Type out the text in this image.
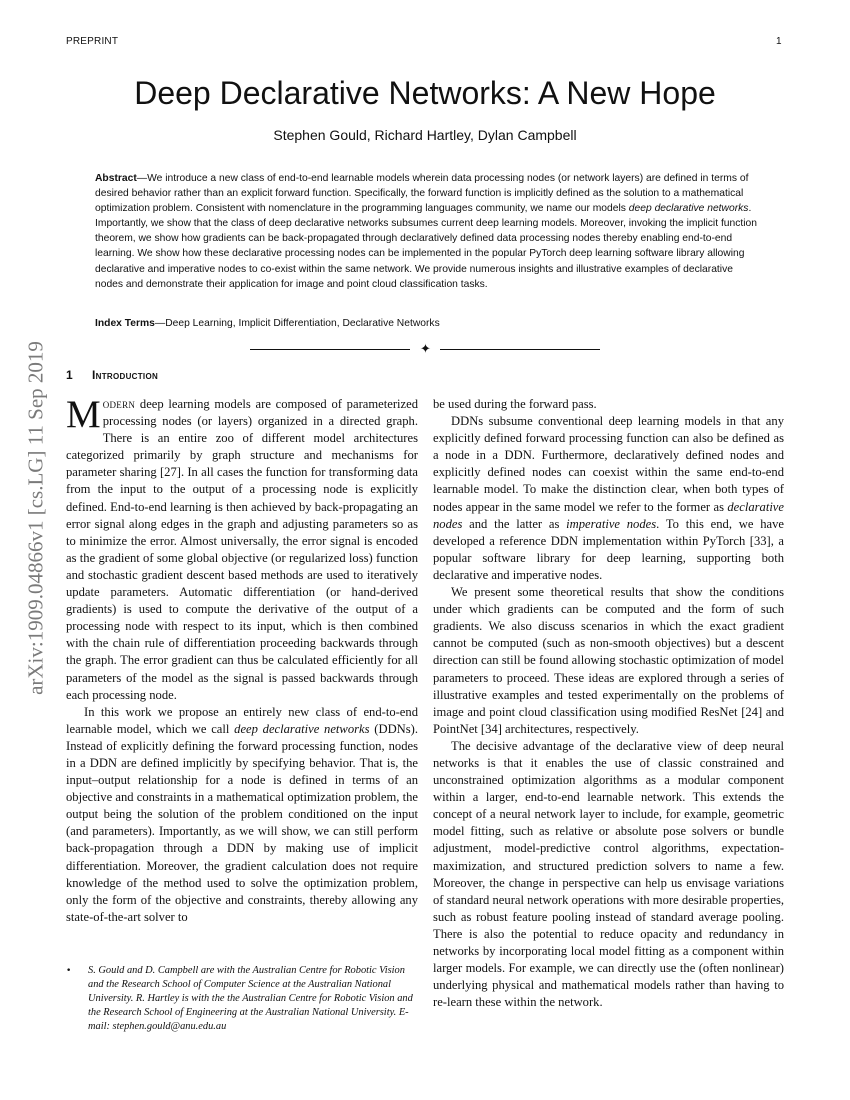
PREPRINT	1
arXiv:1909.04866v1 [cs.LG] 11 Sep 2019
Deep Declarative Networks: A New Hope
Stephen Gould, Richard Hartley, Dylan Campbell
Abstract—We introduce a new class of end-to-end learnable models wherein data processing nodes (or network layers) are defined in terms of desired behavior rather than an explicit forward function. Specifically, the forward function is implicitly defined as the solution to a mathematical optimization problem. Consistent with nomenclature in the programming languages community, we name our models deep declarative networks. Importantly, we show that the class of deep declarative networks subsumes current deep learning models. Moreover, invoking the implicit function theorem, we show how gradients can be back-propagated through declaratively defined data processing nodes thereby enabling end-to-end learning. We show how these declarative processing nodes can be implemented in the popular PyTorch deep learning software library allowing declarative and imperative nodes to co-exist within the same network. We provide numerous insights and illustrative examples of declarative nodes and demonstrate their application for image and point cloud classification tasks.
Index Terms—Deep Learning, Implicit Differentiation, Declarative Networks
✦
1 Introduction

Modern deep learning models are composed of parameterized processing nodes (or layers) organized in a directed graph. There is an entire zoo of different model architectures categorized primarily by graph structure and mechanisms for parameter sharing [27]. In all cases the function for transforming data from the input to the output of a processing node is explicitly defined. End-to-end learning is then achieved by back-propagating an error signal along edges in the graph and adjusting parameters so as to minimize the error. Almost universally, the error signal is encoded as the gradient of some global objective (or regularized loss) function and stochastic gradient descent based methods are used to iteratively update parameters. Automatic differentiation (or hand-derived gradients) is used to compute the derivative of the output of a processing node with respect to its input, which is then combined with the chain rule of differentiation proceeding backwards through the graph. The error gradient can thus be calculated efficiently for all parameters of the model as the signal is passed backwards through each processing node.

In this work we propose an entirely new class of end-to-end learnable model, which we call deep declarative networks (DDNs). Instead of explicitly defining the forward processing function, nodes in a DDN are defined implicitly by specifying behavior. That is, the input–output relationship for a node is defined in terms of an objective and constraints in a mathematical optimization problem, the output being the solution of the problem conditioned on the input (and parameters). Importantly, as we will show, we can still perform back-propagation through a DDN by making use of implicit differentiation. Moreover, the gradient calculation does not require knowledge of the method used to solve the optimization problem, only the form of the objective and constraints, thereby allowing any state-of-the-art solver to

be used during the forward pass.

DDNs subsume conventional deep learning models in that any explicitly defined forward processing function can also be defined as a node in a DDN. Furthermore, declaratively defined nodes and explicitly defined nodes can coexist within the same end-to-end learnable model. To make the distinction clear, when both types of nodes appear in the same model we refer to the former as declarative nodes and the latter as imperative nodes. To this end, we have developed a reference DDN implementation within PyTorch [33], a popular software library for deep learning, supporting both declarative and imperative nodes.

We present some theoretical results that show the conditions under which gradients can be computed and the form of such gradients. We also discuss scenarios in which the exact gradient cannot be computed (such as non-smooth objectives) but a descent direction can still be found allowing stochastic optimization of model parameters to proceed. These ideas are explored through a series of illustrative examples and tested experimentally on the problems of image and point cloud classification using modified ResNet [24] and PointNet [34] architectures, respectively.

The decisive advantage of the declarative view of deep neural networks is that it enables the use of classic constrained and unconstrained optimization algorithms as a modular component within a larger, end-to-end learnable network. This extends the concept of a neural network layer to include, for example, geometric model fitting, such as relative or absolute pose solvers or bundle adjustment, model-predictive control algorithms, expectation-maximization, and structured prediction solvers to name a few. Moreover, the change in perspective can help us envisage variations of standard neural network operations with more desirable properties, such as robust feature pooling instead of standard average pooling. There is also the potential to reduce opacity and redundancy in networks by incorporating local model fitting as a component within larger models. For example, we can directly use the (often nonlinear) underlying physical and mathematical models rather than having to re-learn these within the network.

• S. Gould and D. Campbell are with the Australian Centre for Robotic Vision and the Research School of Computer Science at the Australian National University. R. Hartley is with the the Australian Centre for Robotic Vision and the Research School of Engineering at the Australian National University. E-mail: stephen.gould@anu.edu.au
